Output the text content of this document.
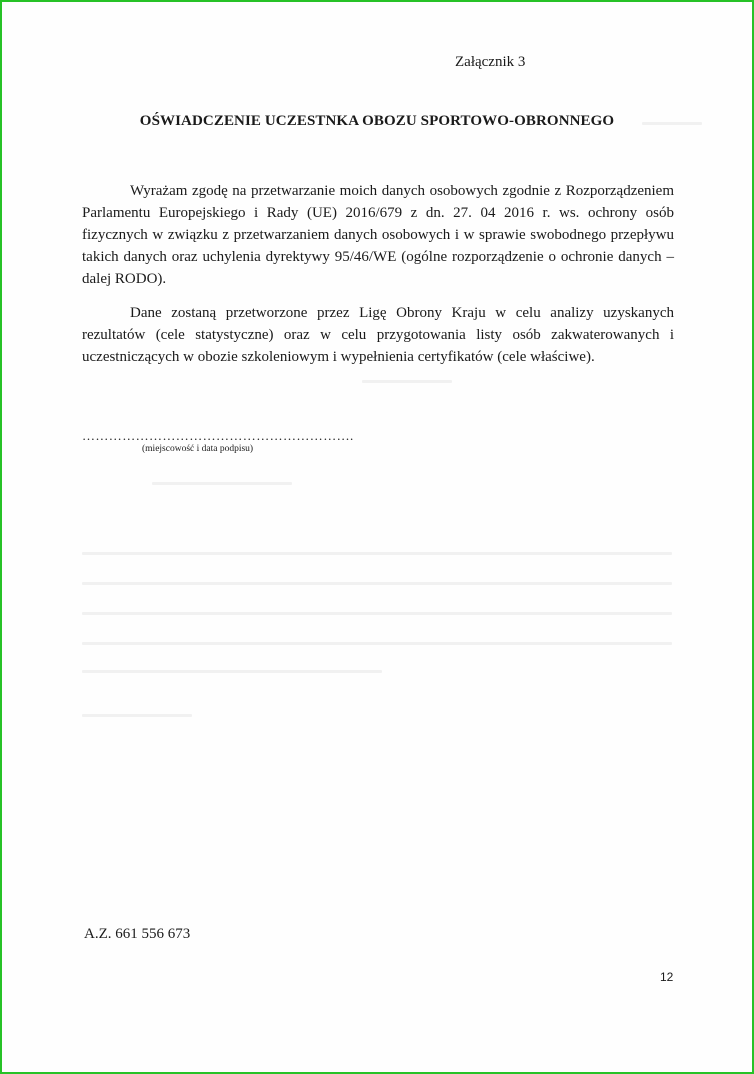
Załącznik 3
OŚWIADCZENIE UCZESTNKA OBOZU SPORTOWO-OBRONNEGO

Wyrażam zgodę na przetwarzanie moich danych osobowych zgodnie z Rozporządzeniem Parlamentu Europejskiego i Rady (UE) 2016/679 z dn. 27. 04 2016 r. ws. ochrony osób fizycznych w związku z przetwarzaniem danych osobowych i w sprawie swobodnego przepływu takich danych oraz uchylenia dyrektywy 95/46/WE (ogólne rozporządzenie o ochronie danych – dalej RODO).

Dane zostaną przetworzone przez Ligę Obrony Kraju w celu analizy uzyskanych rezultatów (cele statystyczne) oraz w celu przygotowania listy osób zakwaterowanych i uczestniczących w obozie szkoleniowym i wypełnienia certyfikatów (cele właściwe).

…………………………………………………….
(miejscowość i data podpisu)
A.Z. 661 556 673
12
